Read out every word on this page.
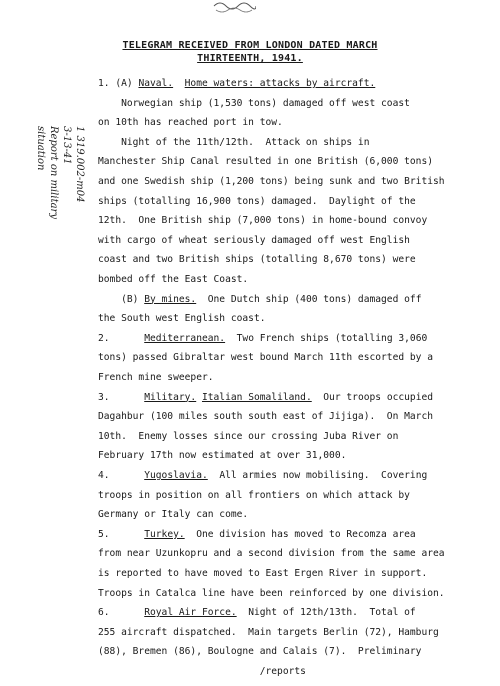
TELEGRAM RECEIVED FROM LONDON DATED MARCH
THIRTEENTH, 1941.
1 319.002-m04
3-13-41
Report on military
situation
1. (A) Naval. Home waters: attacks by aircraft.
Norwegian ship (1,530 tons) damaged off west coast
on 10th has reached port in tow.
Night of the 11th/12th.  Attack on ships in
Manchester Ship Canal resulted in one British (6,000 tons)
and one Swedish ship (1,200 tons) being sunk and two British
ships (totalling 16,900 tons) damaged.  Daylight of the
12th.  One British ship (7,000 tons) in home-bound convoy
with cargo of wheat seriously damaged off west English
coast and two British ships (totalling 8,670 tons) were
bombed off the East Coast.
(B) By mines.  One Dutch ship (400 tons) damaged off
the South west English coast.
2.      Mediterranean.  Two French ships (totalling 3,060
tons) passed Gibraltar west bound March 11th escorted by a
French mine sweeper.
3.      Military. Italian Somaliland.  Our troops occupied
Dagahbur (100 miles south south east of Jijiga).  On March
10th.  Enemy losses since our crossing Juba River on
February 17th now estimated at over 31,000.
4.      Yugoslavia.  All armies now mobilising.  Covering
troops in position on all frontiers on which attack by
Germany or Italy can come.
5.      Turkey.  One division has moved to Recomza area
from near Uzunkopru and a second division from the same area
is reported to have moved to East Ergen River in support.
Troops in Catalca line have been reinforced by one division.
6.      Royal Air Force.  Night of 12th/13th.  Total of
255 aircraft dispatched.  Main targets Berlin (72), Hamburg
(88), Bremen (86), Boulogne and Calais (7).  Preliminary
/reports
